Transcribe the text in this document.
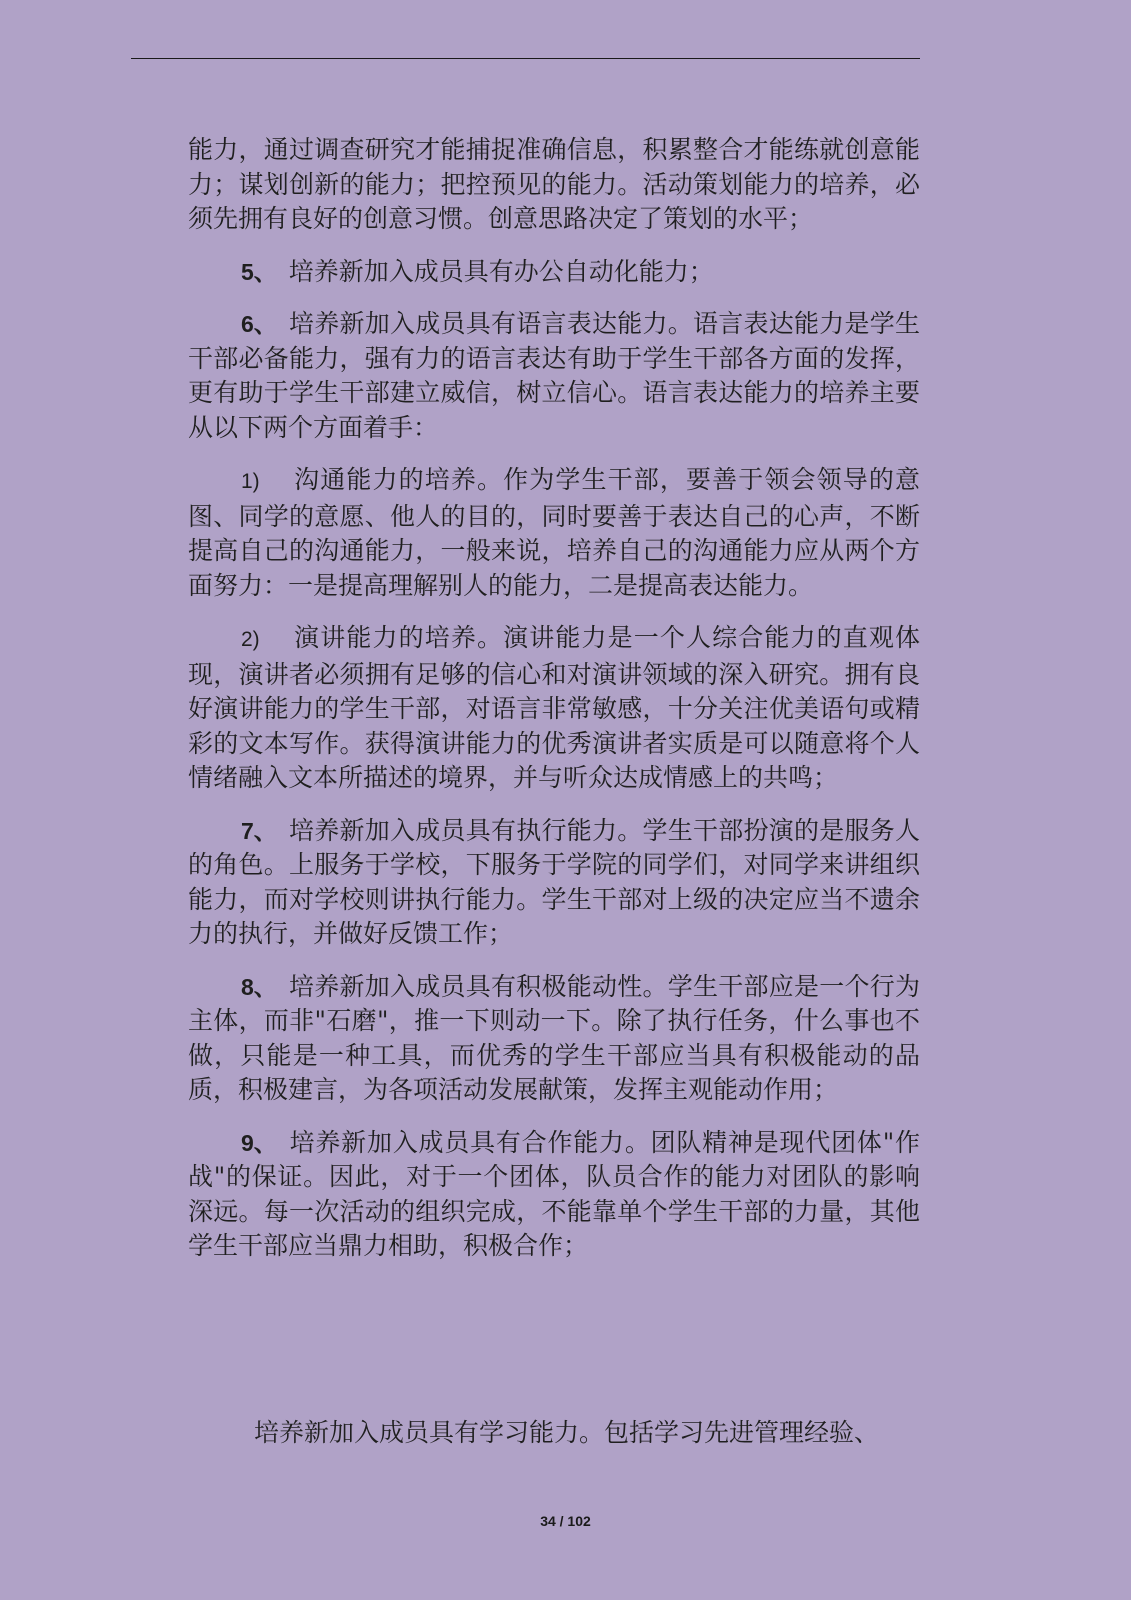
能力，通过调查研究才能捕捉准确信息，积累整合才能练就创意能力；谋划创新的能力；把控预见的能力。活动策划能力的培养，必须先拥有良好的创意习惯。创意思路决定了策划的水平；

5、 培养新加入成员具有办公自动化能力；

6、 培养新加入成员具有语言表达能力。语言表达能力是学生干部必备能力，强有力的语言表达有助于学生干部各方面的发挥，更有助于学生干部建立威信，树立信心。语言表达能力的培养主要从以下两个方面着手：

1) 沟通能力的培养。作为学生干部，要善于领会领导的意图、同学的意愿、他人的目的，同时要善于表达自己的心声，不断提高自己的沟通能力，一般来说，培养自己的沟通能力应从两个方面努力：一是提高理解别人的能力，二是提高表达能力。

2) 演讲能力的培养。演讲能力是一个人综合能力的直观体现，演讲者必须拥有足够的信心和对演讲领域的深入研究。拥有良好演讲能力的学生干部，对语言非常敏感，十分关注优美语句或精彩的文本写作。获得演讲能力的优秀演讲者实质是可以随意将个人情绪融入文本所描述的境界，并与听众达成情感上的共鸣；

7、 培养新加入成员具有执行能力。学生干部扮演的是服务人的角色。上服务于学校，下服务于学院的同学们，对同学来讲组织能力，而对学校则讲执行能力。学生干部对上级的决定应当不遗余力的执行，并做好反馈工作；

8、 培养新加入成员具有积极能动性。学生干部应是一个行为主体，而非"石磨"，推一下则动一下。除了执行任务，什么事也不做，只能是一种工具，而优秀的学生干部应当具有积极能动的品质，积极建言，为各项活动发展献策，发挥主观能动作用；

9、 培养新加入成员具有合作能力。团队精神是现代团体"作战"的保证。因此，对于一个团体，队员合作的能力对团队的影响深远。每一次活动的组织完成，不能靠单个学生干部的力量，其他学生干部应当鼎力相助，积极合作；

培养新加入成员具有学习能力。包括学习先进管理经验、
34 / 102
